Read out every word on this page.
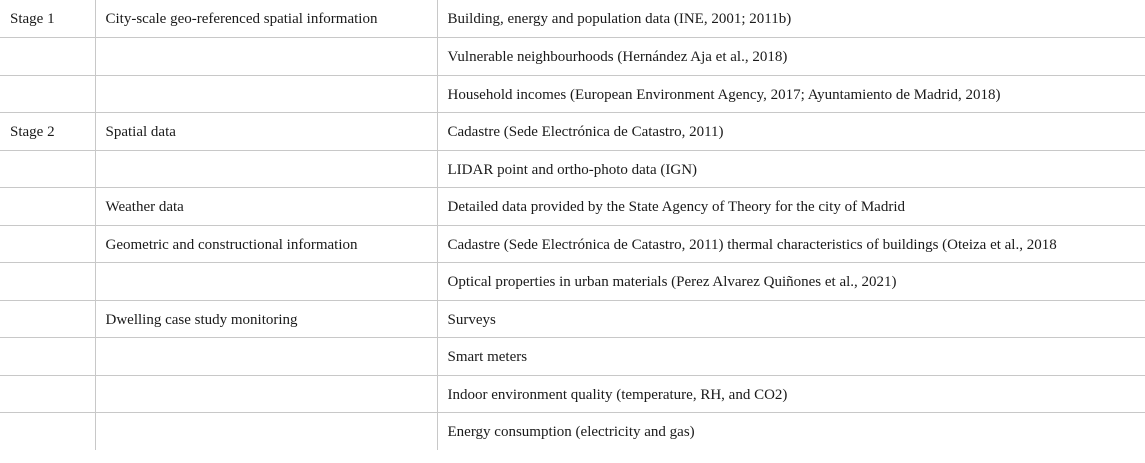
Stage 1	City-scale geo-referenced spatial information	Building, energy and population data (INE, 2001; 2011b)
		Vulnerable neighbourhoods (Hernández Aja et al., 2018)
		Household incomes (European Environment Agency, 2017; Ayuntamiento de Madrid, 2018)
Stage 2	Spatial data	Cadastre (Sede Electrónica de Catastro, 2011)
		LIDAR point and ortho-photo data (IGN)
	Weather data	Detailed data provided by the State Agency of Theory for the city of Madrid
	Geometric and constructional information	Cadastre (Sede Electrónica de Catastro, 2011) thermal characteristics of buildings (Oteiza et al., 2018
		Optical properties in urban materials (Perez Alvarez Quiñones et al., 2021)
	Dwelling case study monitoring	Surveys
		Smart meters
		Indoor environment quality (temperature, RH, and CO2)
		Energy consumption (electricity and gas)
